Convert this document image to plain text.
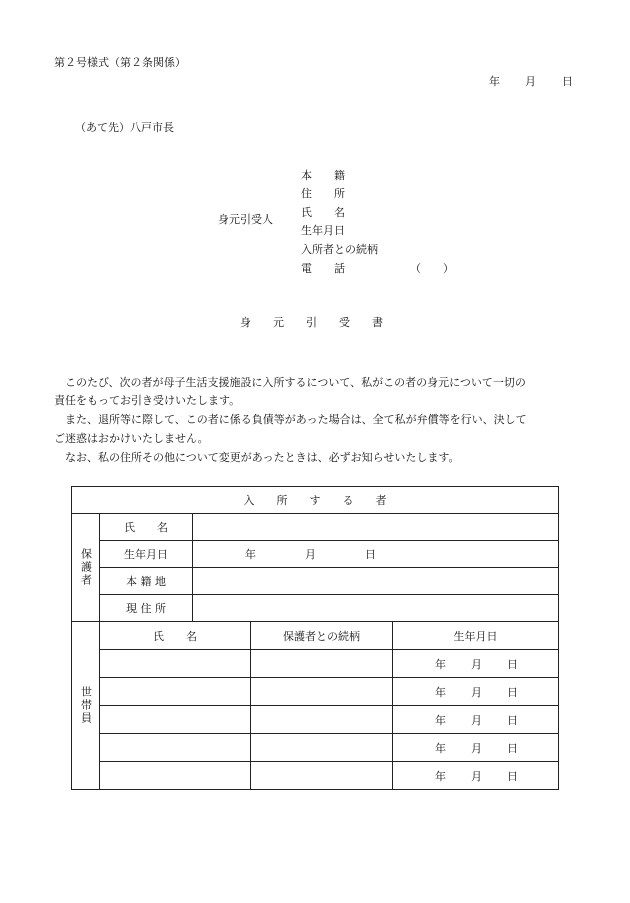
第２号様式（第２条関係）
年 月 日
（あて先）八戸市長
身元引受人
本　　籍
住　　所
氏　　名
生年月日
入所者との続柄
電　　話	（　　）
身　　元　　引　　受　　書
このたび、次の者が母子生活支援施設に入所するについて、私がこの者の身元について一切の
責任をもってお引き受けいたします。
また、退所等に際して、この者に係る負債等があった場合は、全て私が弁償等を行い、決して
ご迷惑はおかけいたしません。
なお、私の住所その他について変更があったときは、必ずお知らせいたします。
入　　所　　す　　る　　者				

保護者	氏　　名			
	生年月日	年 月 日		

	本 籍 地			
	現 住 所			

世帯員	氏　　名		保護者との続柄	生年月日

				年 月 日

				年 月 日

				年 月 日

				年 月 日

				年 月 日
